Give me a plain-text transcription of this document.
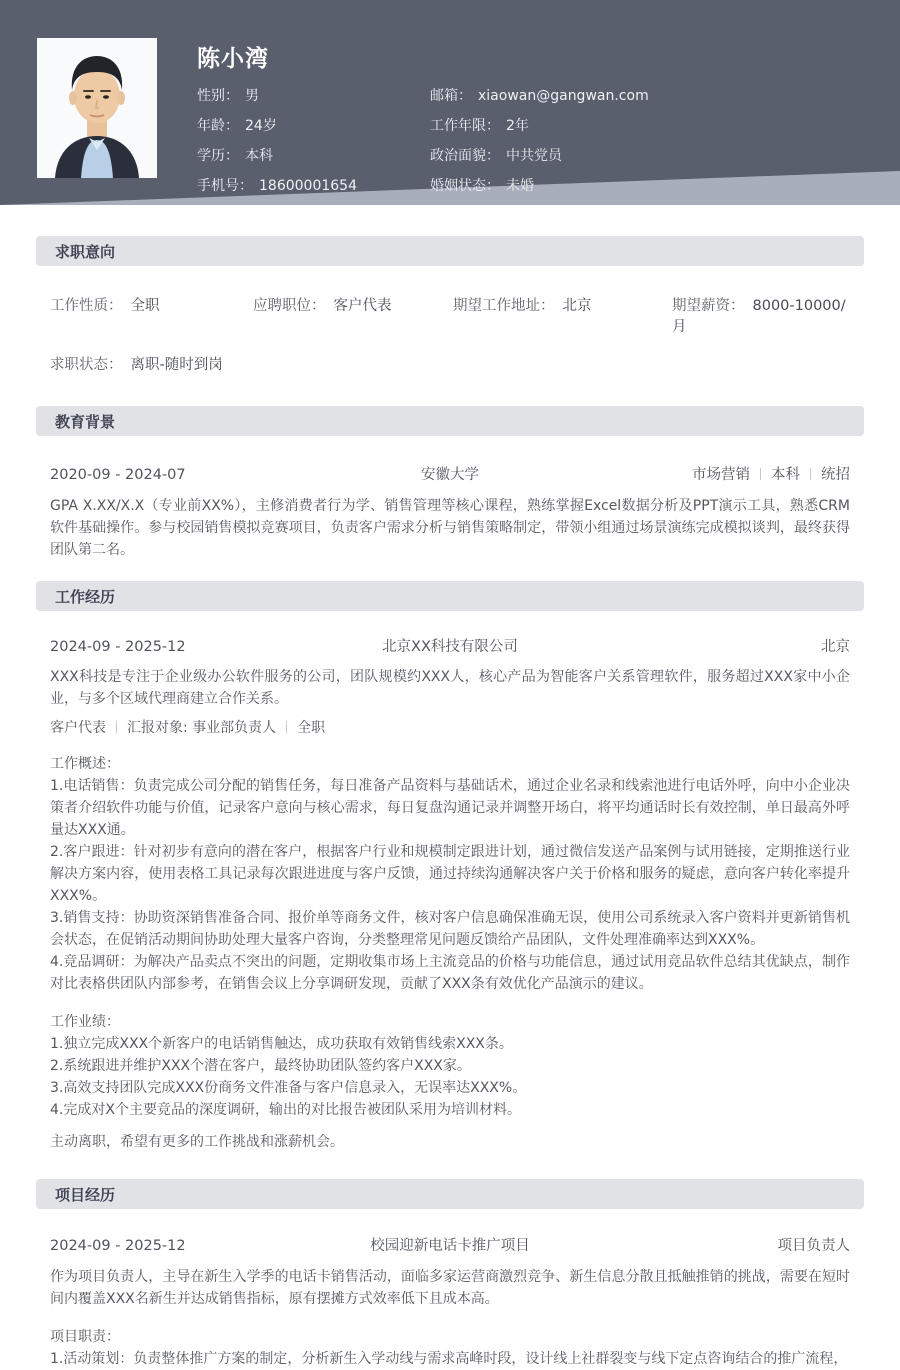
陈小湾
性别： 男	邮箱： xiaowan@gangwan.com
年龄： 24岁	工作年限： 2年
学历： 本科	政治面貌： 中共党员
手机号： 18600001654	婚姻状态： 未婚
求职意向
工作性质： 全职	应聘职位： 客户代表	期望工作地址： 北京	期望薪资： 8000-10000/月
求职状态： 离职-随时到岗
教育背景
2020-09 - 2024-07	安徽大学	市场营销 本科 统招

GPA X.XX/X.X（专业前XX%），主修消费者行为学、销售管理等核心课程，熟练掌握Excel数据分析及PPT演示工具，熟悉CRM软件基础操作。参与校园销售模拟竞赛项目，负责客户需求分析与销售策略制定，带领小组通过场景演练完成模拟谈判，最终获得团队第二名。

工作经历
2024-09 - 2025-12	北京XX科技有限公司	北京

XXX科技是专注于企业级办公软件服务的公司，团队规模约XXX人，核心产品为智能客户关系管理软件，服务超过XXX家中小企业，与多个区域代理商建立合作关系。

客户代表 汇报对象: 事业部负责人 全职
工作概述：
1.电话销售：负责完成公司分配的销售任务，每日准备产品资料与基础话术，通过企业名录和线索池进行电话外呼，向中小企业决策者介绍软件功能与价值，记录客户意向与核心需求，每日复盘沟通记录并调整开场白，将平均通话时长有效控制，单日最高外呼量达XXX通。
2.客户跟进：针对初步有意向的潜在客户，根据客户行业和规模制定跟进计划，通过微信发送产品案例与试用链接，定期推送行业解决方案内容，使用表格工具记录每次跟进进度与客户反馈，通过持续沟通解决客户关于价格和服务的疑虑，意向客户转化率提升XXX%。
3.销售支持：协助资深销售准备合同、报价单等商务文件，核对客户信息确保准确无误，使用公司系统录入客户资料并更新销售机会状态，在促销活动期间协助处理大量客户咨询，分类整理常见问题反馈给产品团队，文件处理准确率达到XXX%。
4.竞品调研：为解决产品卖点不突出的问题，定期收集市场上主流竞品的价格与功能信息，通过试用竞品软件总结其优缺点，制作对比表格供团队内部参考，在销售会议上分享调研发现，贡献了XXX条有效优化产品演示的建议。
工作业绩：
1.独立完成XXX个新客户的电话销售触达，成功获取有效销售线索XXX条。
2.系统跟进并维护XXX个潜在客户，最终协助团队签约客户XXX家。
3.高效支持团队完成XXX份商务文件准备与客户信息录入，无误率达XXX%。
4.完成对X个主要竞品的深度调研，输出的对比报告被团队采用为培训材料。

主动离职，希望有更多的工作挑战和涨薪机会。

项目经历
2024-09 - 2025-12	校园迎新电话卡推广项目	项目负责人

作为项目负责人，主导在新生入学季的电话卡销售活动，面临多家运营商激烈竞争、新生信息分散且抵触推销的挑战，需要在短时间内覆盖XXX名新生并达成销售指标，原有摆摊方式效率低下且成本高。

项目职责：
1.活动策划：负责整体推广方案的制定，分析新生入学动线与需求高峰时段，设计线上社群裂变与线下定点咨询结合的推广流程，
